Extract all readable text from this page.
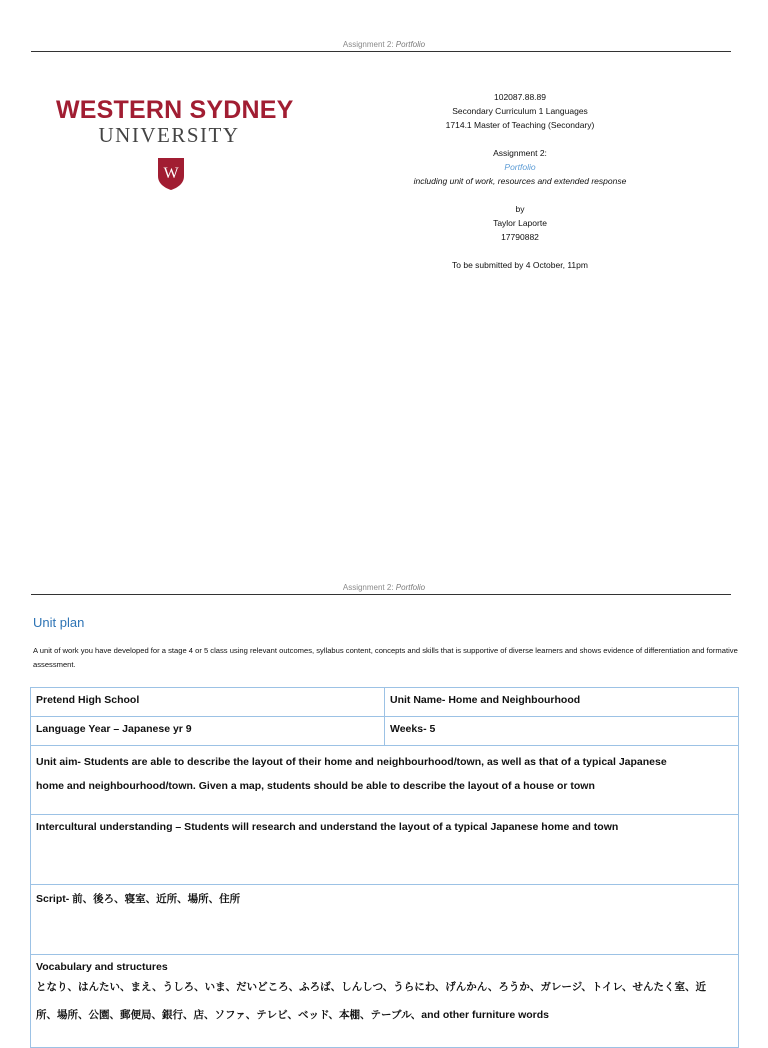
Assignment 2: Portfolio
WESTERN SYDNEY
UNIVERSITY
W
102087.88.89
Secondary Curriculum 1 Languages
1714.1 Master of Teaching (Secondary)
Assignment 2:
Portfolio
including unit of work, resources and extended response
by
Taylor Laporte
17790882
To be submitted by 4 October, 11pm
Assignment 2: Portfolio
Unit plan
A unit of work you have developed for a stage 4 or 5 class using relevant outcomes, syllabus content, concepts and skills that is supportive of diverse learners and shows evidence of differentiation and formative assessment.
Pretend High School	Unit Name- Home and Neighbourhood
Language Year – Japanese yr 9	Weeks- 5

Unit aim- Students are able to describe the layout of their home and neighbourhood/town, as well as that of a typical Japanese
home and neighbourhood/town. Given a map, students should be able to describe the layout of a house or town	

Intercultural understanding – Students will research and understand the layout of a typical Japanese home and town	
Script- 前、後ろ、寝室、近所、場所、住所	

Vocabulary and structures
となり、はんたい、まえ、うしろ、いま、だいどころ、ふろば、しんしつ、うらにわ、げんかん、ろうか、ガレージ、トイレ、せんたく室、近
所、場所、公園、郵便局、銀行、店、ソファ、テレビ、ベッド、本棚、テーブル、and other furniture words	
